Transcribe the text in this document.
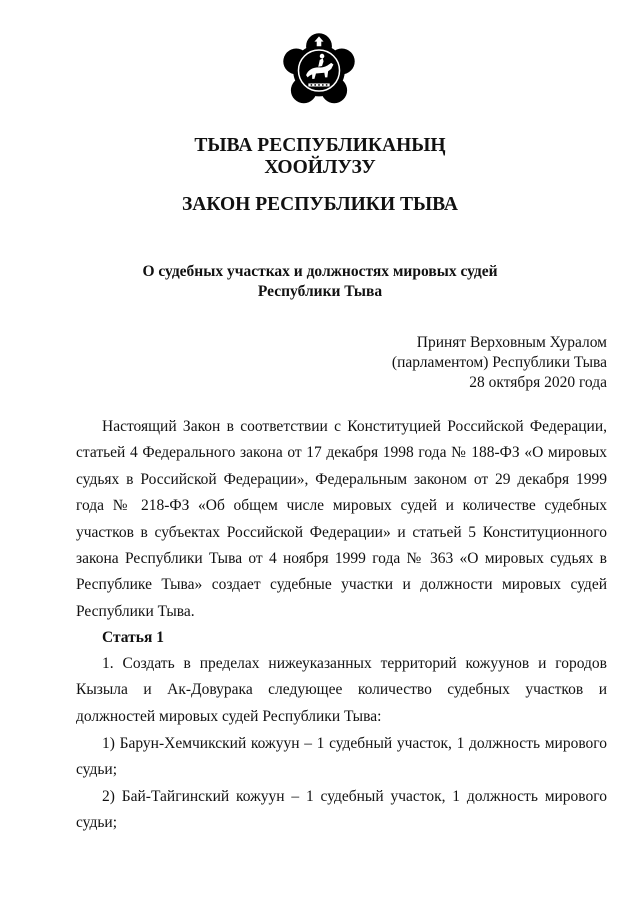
ТЫВА РЕСПУБЛИКАНЫҢ
ХООЙЛУЗУ
ЗАКОН РЕСПУБЛИКИ ТЫВА
О судебных участках и должностях мировых судей
Республики Тыва
Принят Верховным Хуралом
(парламентом) Республики Тыва
28 октября 2020 года

Настоящий Закон в соответствии с Конституцией Российской Федерации, статьей 4 Федерального закона от 17 декабря 1998 года № 188-ФЗ «О мировых судьях в Российской Федерации», Федеральным законом от 29 декабря 1999 года № 218-ФЗ «Об общем числе мировых судей и количестве судебных участков в субъектах Российской Федерации» и статьей 5 Конституционного закона Республики Тыва от 4 ноября 1999 года № 363 «О мировых судьях в Республике Тыва» создает судебные участки и должности мировых судей Республики Тыва.

Статья 1

1. Создать в пределах нижеуказанных территорий кожуунов и городов Кызыла и Ак-Довурака следующее количество судебных участков и должностей мировых судей Республики Тыва:

1) Барун-Хемчикский кожуун – 1 судебный участок, 1 должность мирового судьи;

2) Бай-Тайгинский кожуун – 1 судебный участок, 1 должность мирового судьи;
